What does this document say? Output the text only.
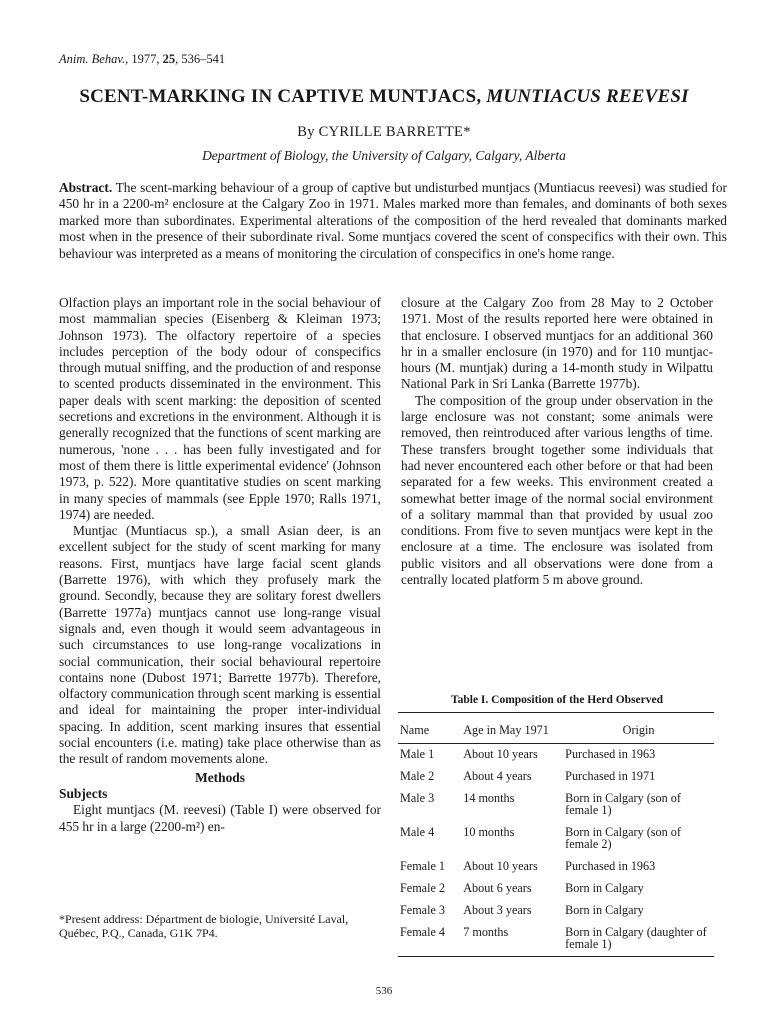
Anim. Behav., 1977, 25, 536–541
SCENT-MARKING IN CAPTIVE MUNTJACS, MUNTIACUS REEVESI
By CYRILLE BARRETTE*
Department of Biology, the University of Calgary, Calgary, Alberta
Abstract. The scent-marking behaviour of a group of captive but undisturbed muntjacs (Muntiacus reevesi) was studied for 450 hr in a 2200-m² enclosure at the Calgary Zoo in 1971. Males marked more than females, and dominants of both sexes marked more than subordinates. Experimental alterations of the composition of the herd revealed that dominants marked most when in the presence of their subordinate rival. Some muntjacs covered the scent of conspecifics with their own. This behaviour was interpreted as a means of monitoring the circulation of conspecifics in one's home range.

Olfaction plays an important role in the social behaviour of most mammalian species (Eisenberg & Kleiman 1973; Johnson 1973). The olfactory repertoire of a species includes perception of the body odour of conspecifics through mutual sniffing, and the production of and response to scented products disseminated in the environment. This paper deals with scent marking: the deposition of scented secretions and excretions in the environment. Although it is generally recognized that the functions of scent marking are numerous, 'none . . . has been fully investigated and for most of them there is little experimental evidence' (Johnson 1973, p. 522). More quantitative studies on scent marking in many species of mammals (see Epple 1970; Ralls 1971, 1974) are needed.

Muntjac (Muntiacus sp.), a small Asian deer, is an excellent subject for the study of scent marking for many reasons. First, muntjacs have large facial scent glands (Barrette 1976), with which they profusely mark the ground. Secondly, because they are solitary forest dwellers (Barrette 1977a) muntjacs cannot use long-range visual signals and, even though it would seem advantageous in such circumstances to use long-range vocalizations in social communication, their social behavioural repertoire contains none (Dubost 1971; Barrette 1977b). Therefore, olfactory communication through scent marking is essential and ideal for maintaining the proper inter-individual spacing. In addition, scent marking insures that essential social encounters (i.e. mating) take place otherwise than as the result of random movements alone.

Methods

Subjects

Eight muntjacs (M. reevesi) (Table I) were observed for 455 hr in a large (2200-m²) en-

*Present address: Départment de biologie, Université Laval, Québec, P.Q., Canada, G1K 7P4.

closure at the Calgary Zoo from 28 May to 2 October 1971. Most of the results reported here were obtained in that enclosure. I observed muntjacs for an additional 360 hr in a smaller enclosure (in 1970) and for 110 muntjac-hours (M. muntjak) during a 14-month study in Wilpattu National Park in Sri Lanka (Barrette 1977b).

The composition of the group under observation in the large enclosure was not constant; some animals were removed, then reintroduced after various lengths of time. These transfers brought together some individuals that had never encountered each other before or that had been separated for a few weeks. This environment created a somewhat better image of the normal social environment of a solitary mammal than that provided by usual zoo conditions. From five to seven muntjacs were kept in the enclosure at a time. The enclosure was isolated from public visitors and all observations were done from a centrally located platform 5 m above ground.

Table I. Composition of the Herd Observed
Name	Age in May 1971	Origin
Male 1	About 10 years	Purchased in 1963
Male 2	About 4 years	Purchased in 1971
Male 3	14 months	Born in Calgary (son of female 1)
Male 4	10 months	Born in Calgary (son of female 2)
Female 1	About 10 years	Purchased in 1963
Female 2	About 6 years	Born in Calgary
Female 3	About 3 years	Born in Calgary
Female 4	7 months	Born in Calgary (daughter of female 1)
536
